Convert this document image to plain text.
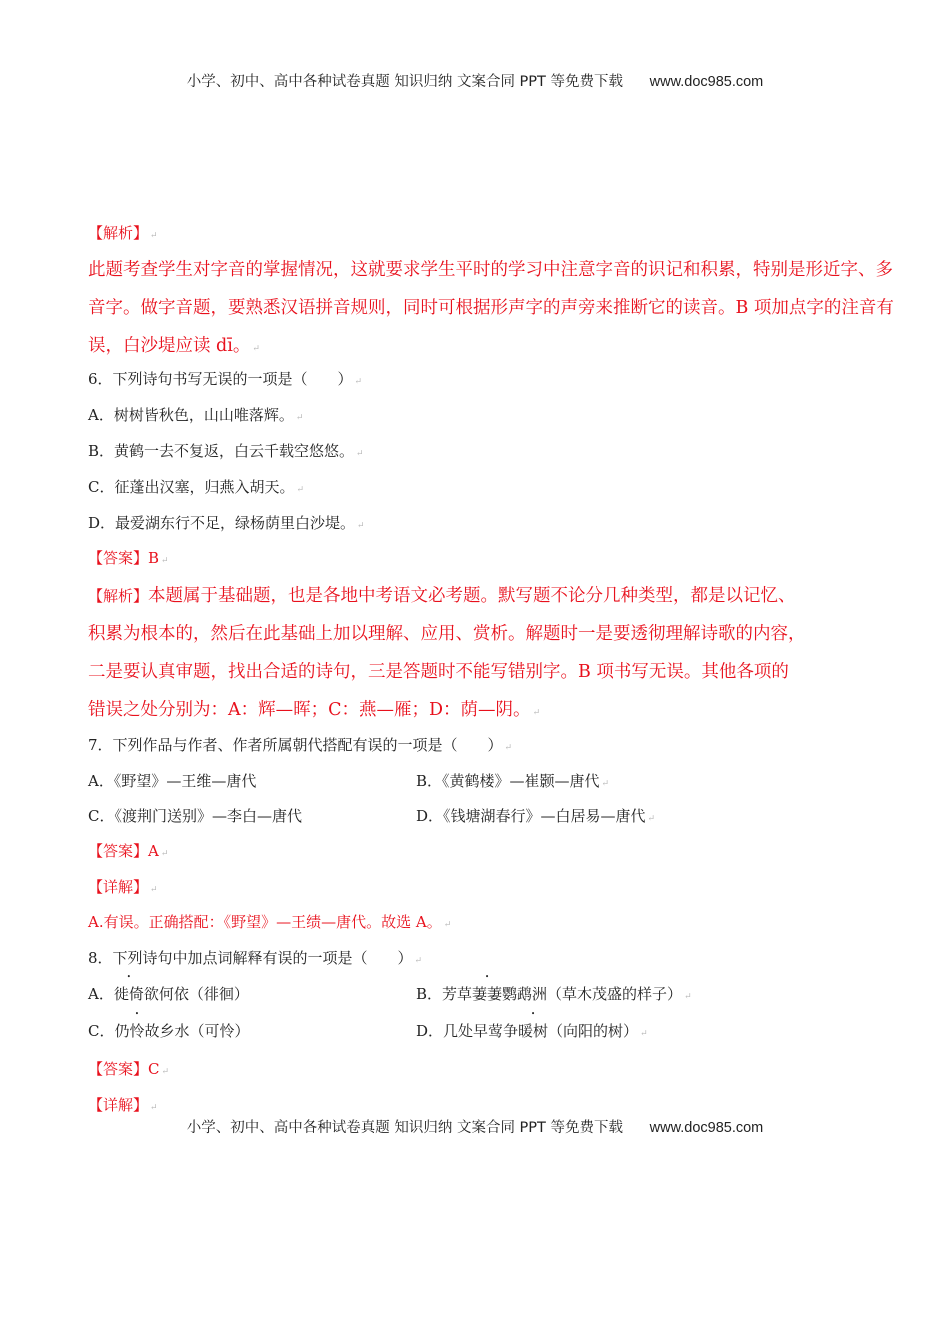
小学、初中、高中各种试卷真题 知识归纳 文案合同 PPT 等免费下载 www.doc985.com
【解析】 ↵
此题考查学生对字音的掌握情况，这就要求学生平时的学习中注意字音的识记和积累，特别是形近字、多
音字。做字音题，要熟悉汉语拼音规则，同时可根据形声字的声旁来推断它的读音。B 项加点字的注音有
误，白沙堤应读 dī。 ↵
6．下列诗句书写无误的一项是（　　） ↵
A．树树皆秋色，山山唯落辉。 ↵
B．黄鹤一去不复返，白云千载空悠悠。 ↵
C．征蓬出汉塞，归燕入胡天。 ↵
D．最爱湖东行不足，绿杨荫里白沙堤。 ↵
【答案】B ↵
【解析】本题属于基础题，也是各地中考语文必考题。默写题不论分几种类型，都是以记忆、
积累为根本的，然后在此基础上加以理解、应用、赏析。解题时一是要透彻理解诗歌的内容，
二是要认真审题，找出合适的诗句，三是答题时不能写错别字。B 项书写无误。其他各项的
错误之处分别为：A：辉—晖；C：燕—雁；D：荫—阴。 ↵
7．下列作品与作者、作者所属朝代搭配有误的一项是（　　） ↵
A．《野望》—王维—唐代	B．《黄鹤楼》—崔颢—唐代 ↵
C．《渡荆门送别》—李白—唐代	D．《钱塘湖春行》—白居易—唐代 ↵
【答案】A ↵
【详解】 ↵
A.有误。正确搭配：《野望》—王绩—唐代。故选 A。 ↵
8．下列诗句中加点词解释有误的一项是（　　） ↵
A．徙倚欲何依（徘徊）	B．芳草萋萋鹦鹉洲（草木茂盛的样子） ↵
C．仍怜故乡水（可怜）	D．几处早莺争暖树（向阳的树） ↵
【答案】C ↵
【详解】 ↵
小学、初中、高中各种试卷真题 知识归纳 文案合同 PPT 等免费下载 www.doc985.com
